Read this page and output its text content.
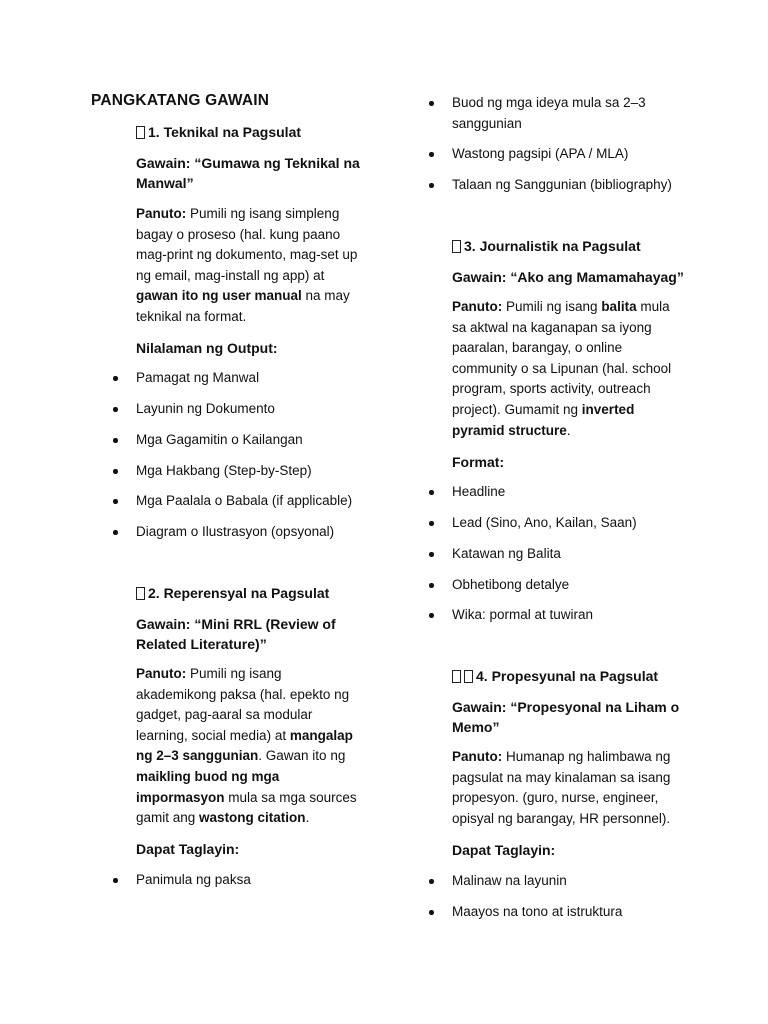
PANGKATANG GAWAIN
1. Teknikal na Pagsulat
Gawain: “Gumawa ng Teknikal na Manwal”
Panuto: Pumili ng isang simpleng bagay o proseso (hal. kung paano mag-print ng dokumento, mag-set up ng email, mag-install ng app) at gawan ito ng user manual na may teknikal na format.
Nilalaman ng Output:
Pamagat ng Manwal
Layunin ng Dokumento
Mga Gagamitin o Kailangan
Mga Hakbang (Step-by-Step)
Mga Paalala o Babala (if applicable)
Diagram o Ilustrasyon (opsyonal)
2. Reperensyal na Pagsulat
Gawain: “Mini RRL (Review of Related Literature)”
Panuto: Pumili ng isang akademikong paksa (hal. epekto ng gadget, pag-aaral sa modular learning, social media) at mangalap ng 2–3 sanggunian. Gawan ito ng maikling buod ng mga impormasyon mula sa mga sources gamit ang wastong citation.
Dapat Taglayin:
Panimula ng paksa
Buod ng mga ideya mula sa 2–3 sanggunian
Wastong pagsipi (APA / MLA)
Talaan ng Sanggunian (bibliography)
3. Journalistik na Pagsulat
Gawain: “Ako ang Mamamahayag”
Panuto: Pumili ng isang balita mula sa aktwal na kaganapan sa iyong paaralan, barangay, o online community o sa Lipunan (hal. school program, sports activity, outreach project). Gumamit ng inverted pyramid structure.
Format:
Headline
Lead (Sino, Ano, Kailan, Saan)
Katawan ng Balita
Obhetibong detalye
Wika: pormal at tuwiran
4. Propesyunal na Pagsulat
Gawain: “Propesyonal na Liham o Memo”
Panuto: Humanap ng halimbawa ng pagsulat na may kinalaman sa isang propesyon. (guro, nurse, engineer, opisyal ng barangay, HR personnel).
Dapat Taglayin:
Malinaw na layunin
Maayos na tono at istruktura
